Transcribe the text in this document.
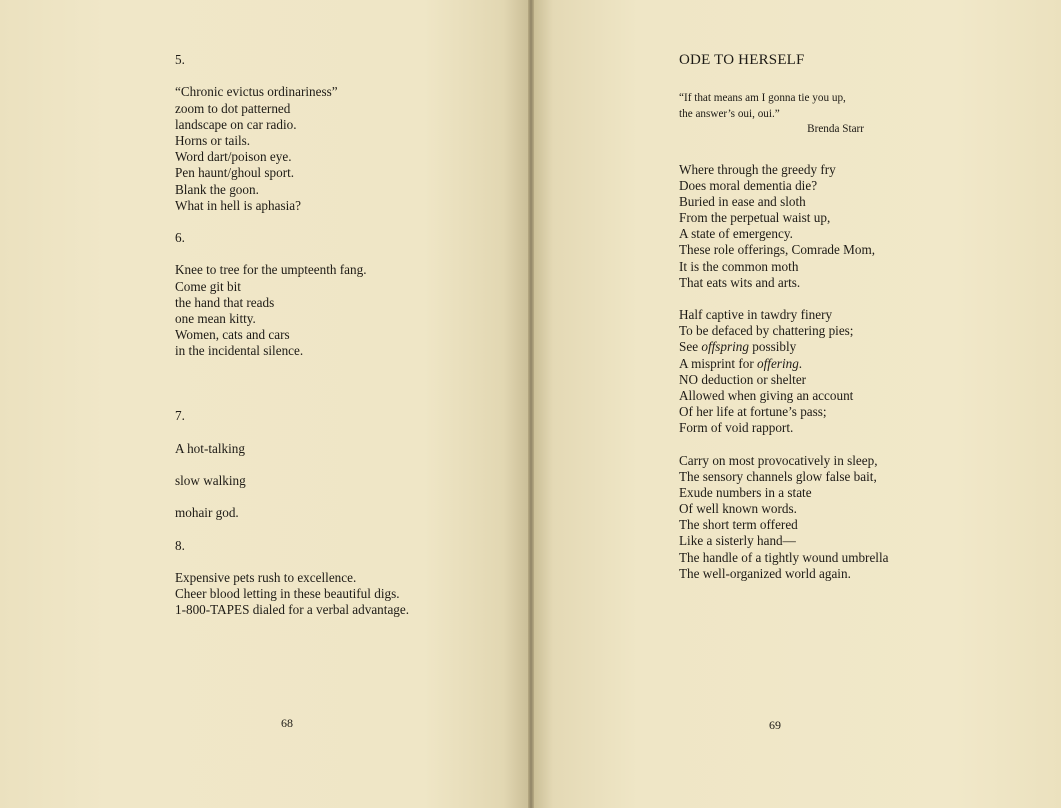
5.
“Chronic evictus ordinariness”
zoom to dot patterned
landscape on car radio.
Horns or tails.
Word dart/poison eye.
Pen haunt/ghoul sport.
Blank the goon.
What in hell is aphasia?
6.
Knee to tree for the umpteenth fang.
Come git bit
the hand that reads
one mean kitty.
Women, cats and cars
in the incidental silence.
7.
A hot-talking
slow walking
mohair god.
8.
Expensive pets rush to excellence.
Cheer blood letting in these beautiful digs.
1-800-TAPES dialed for a verbal advantage.
68
ODE TO HERSELF
“If that means am I gonna tie you up,
the answer’s oui, oui.”
Brenda Starr
Where through the greedy fry
Does moral dementia die?
Buried in ease and sloth
From the perpetual waist up,
A state of emergency.
These role offerings, Comrade Mom,
It is the common moth
That eats wits and arts.
Half captive in tawdry finery
To be defaced by chattering pies;
See offspring possibly
A misprint for offering.
NO deduction or shelter
Allowed when giving an account
Of her life at fortune’s pass;
Form of void rapport.
Carry on most provocatively in sleep,
The sensory channels glow false bait,
Exude numbers in a state
Of well known words.
The short term offered
Like a sisterly hand—
The handle of a tightly wound umbrella
The well-organized world again.
69
